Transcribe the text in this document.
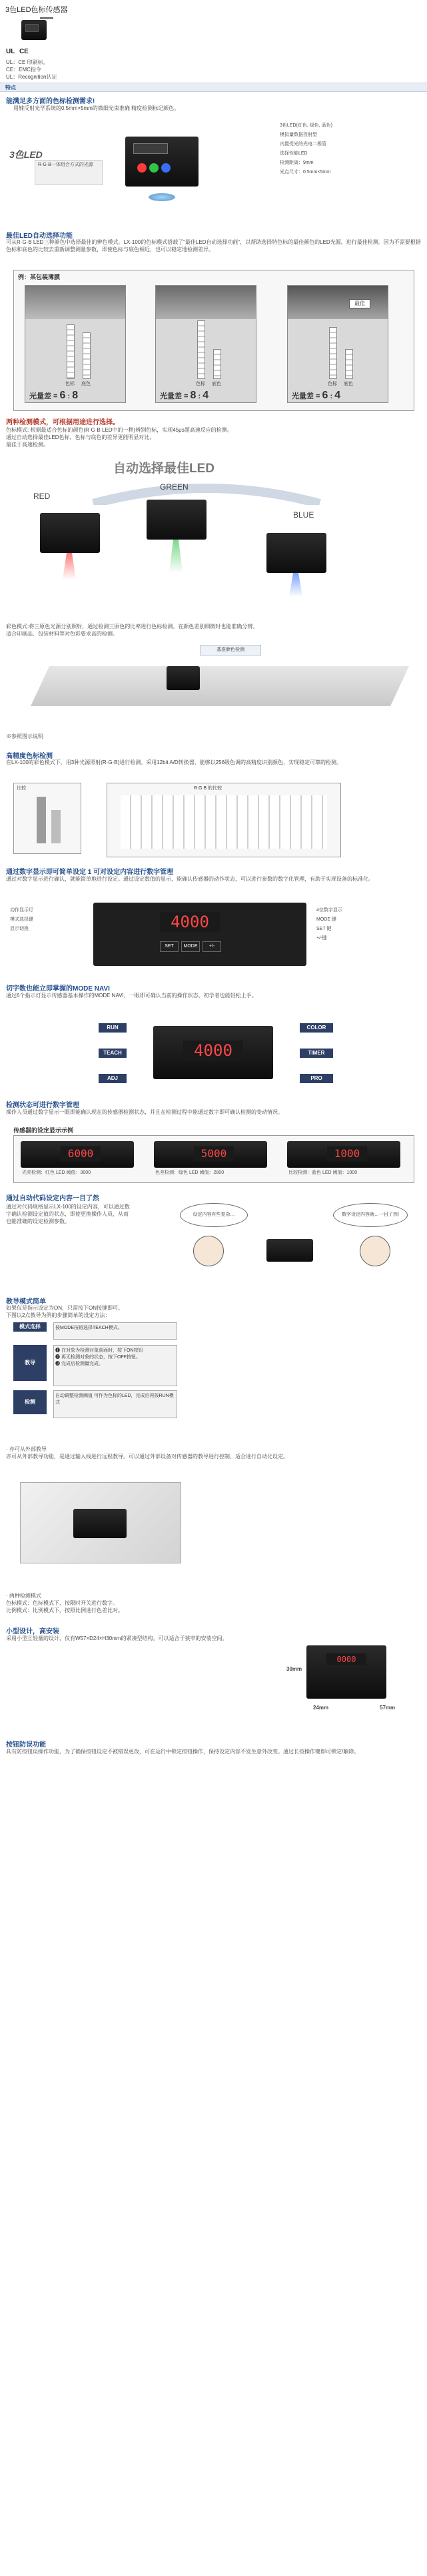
3色LED色标传感器
UL CE
UL：CE 印刷标。
CE：EMC指令
UL：Recognition认证
特点
能满足多方面的色标检测需求!
用辅反射光学系统的0.5mm×5mm的微细光束准确 精度检测标记颜色。
3色LED
R·G·B一体组合方式的光源
3色LED(红色, 绿色, 蓝色)
模拟量数据投射型
内置受光的光电二极管
选择性能LED
检测距离：9mm
光点尺寸：0.5mm×5mm
最佳LED自动选择功能
可从R·G·B LED三种颜色中选择最佳的辨色模式。LX-100的色标模式搭载了“最佳LED自动选择功能”，以帮助选择特色标的最佳颜色的LED光源，进行最佳检测。因为不需要根据色标和底色的比较去重新调整测量参数，即使色标与底色相近，也可以稳定地检测差异。
例：某包装薄膜
色标 底色
光量差 = 6 : 8
色标 底色
光量差 = 8 : 4
最佳
色标 底色
光量差 = 6 : 4
两种检测模式，可根据用途进行选择。
色标模式: 根据最适合色标的颜色(R·G·B LED中的一种)辨别色标，实现45μs超高速反应的检测。
通过自动选择最佳LED色标，色标与底色的差异更能明显对比。
最佳于高速检测。
自动选择最佳LED
RED
GREEN
BLUE
彩色模式:将三原色光源分别照射，通过检测三原色的比率进行色标检测。在颜色差别细微时也能准确分辨。
适合印刷品、包装材料等对色彩要求高的检测。
基准颜色检测
※参照图示说明
高精度色标检测
在LX-100的彩色模式下，用3种光源照射(R·G·B)进行检测。采用12bit A/D转换器，能够以256级色调的高精度识别颜色，实现稳定可靠的检测。
比较	R G B 的比较
通过数字显示即可简单设定 1 可对设定内容进行数字管理
通过对数字显示进行确认，就能简单地进行设定。通过设定数值的显示，能确认传感器的动作状态，可以进行参数的数字化管理，有助于实现设备的标准化。
4000
SET	MODE	+/-
动作显示灯
模式选择键
显示切换
4位数字显示
MODE 键
SET 键
+/-键
切字数也能立即掌握的MODE NAVI
通过6个指示灯显示传感器基本操作的MODE NAVI，一眼即可确认当前的操作状态，初学者也能轻松上手。
RUN
TEACH
ADJ
COLOR
TIMER
PRO
4000
检测状态可进行数字管理
操作人员通过数字显示一眼即能确认现在的传感器检测状态，并且在检测过程中能通过数字即可确认检测的变动情况。
传感器的设定显示示例
6000
光亮检测：红色 LED 阈值：3000
5000
色差检测：绿色 LED 阈值：2800
1000
比较检测：蓝色 LED 阈值：1000
通过自动代码设定内容一目了然
通过对代码规格显示LX-100的设定内容，可以通过数字确认检测设定值的状态，即使更换操作人员，从而也能准确的设定检测参数。
设定内容有些复杂…	数字设定内容就…一目了然!
教导模式简单
如果仅是指示设定为ON，只需按下ON按键即可。
下图以2点教导为例的步骤简单的设定方法：
模式选择	按MODE按钮选择TEACH模式。
教导
❶ 在对象为检测对象前面时，按下ON按钮
❷ 再无检测对象的状态，按下OFF按钮。
❸ 完成后检测量完成。
检测
自动调整检测阈值 可作为色标的LED，完成后再按RUN模式
· 亦可从外部教导
亦可从外部教导功能，是通过输入线进行远程教导。可以通过外部设备对传感器的教导进行控制，适合进行自动化设定。
· 两种检测模式
色标模式：色标模式下，按限时开关进行数字。
比例模式：比例模式下，按照比例进行色差比对。
小型设计，高安装
采用小型且轻量的设计，仅有W57×D24×H30mm的紧凑型结构。可以适合于狭窄的安装空间。
0000
30mm
24mm	57mm
按钮防误功能
具有防按钮误操作功能，为了确保按钮设定不被错误更改，可在运行中锁定按钮操作，保持设定内容不发生意外改变。通过长按操作键即可锁定/解除。
